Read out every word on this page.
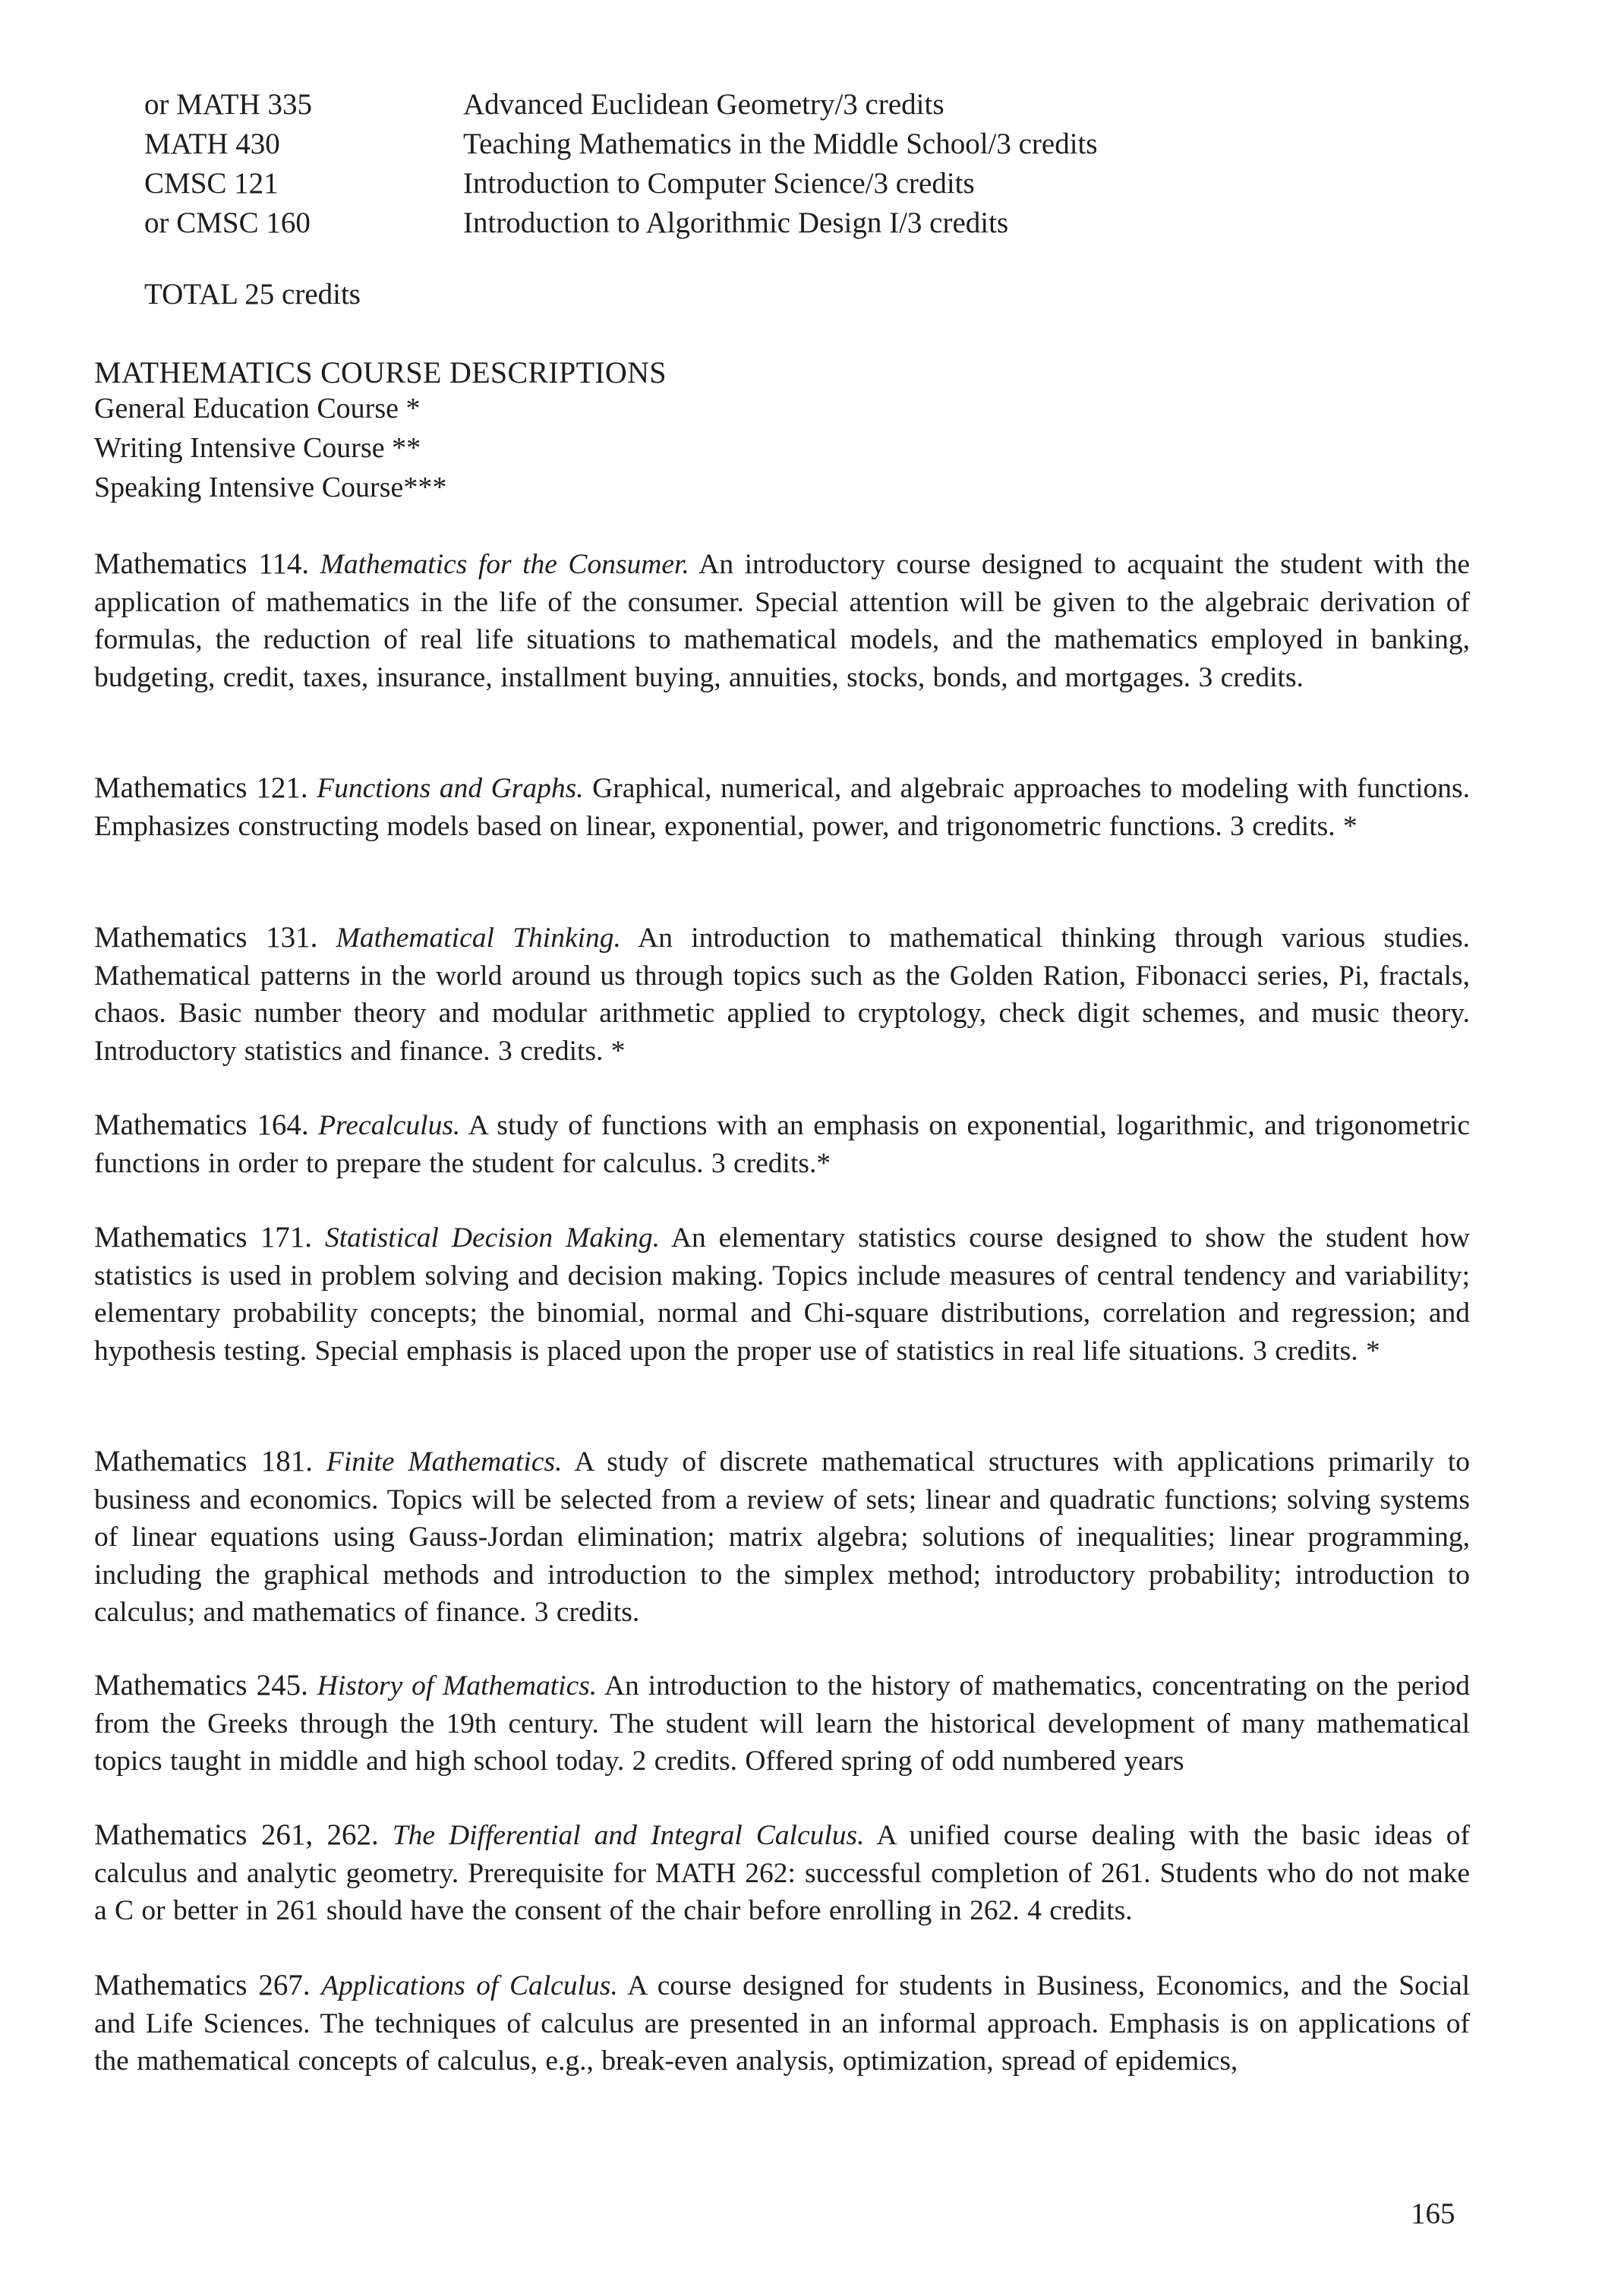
or MATH 335	Advanced Euclidean Geometry/3 credits
MATH 430	Teaching Mathematics in the Middle School/3 credits
CMSC 121	Introduction to Computer Science/3 credits
or CMSC 160	Introduction to Algorithmic Design I/3 credits
TOTAL 25 credits
MATHEMATICS COURSE DESCRIPTIONS
General Education Course *
Writing Intensive Course **
Speaking Intensive Course***
Mathematics 114. Mathematics for the Consumer. An introductory course designed to acquaint the student with the application of mathematics in the life of the consumer. Special attention will be given to the algebraic derivation of formulas, the reduction of real life situations to mathematical models, and the mathematics employed in banking, budgeting, credit, taxes, insurance, installment buying, annuities, stocks, bonds, and mortgages. 3 credits.
Mathematics 121. Functions and Graphs. Graphical, numerical, and algebraic approaches to modeling with functions. Emphasizes constructing models based on linear, exponential, power, and trigonometric functions. 3 credits. *
Mathematics 131. Mathematical Thinking. An introduction to mathematical thinking through various studies. Mathematical patterns in the world around us through topics such as the Golden Ration, Fibonacci series, Pi, fractals, chaos. Basic number theory and modular arithmetic applied to cryptology, check digit schemes, and music theory. Introductory statistics and finance. 3 credits. *
Mathematics 164. Precalculus. A study of functions with an emphasis on exponential, logarithmic, and trigonometric functions in order to prepare the student for calculus. 3 credits.*
Mathematics 171. Statistical Decision Making. An elementary statistics course designed to show the student how statistics is used in problem solving and decision making. Topics include measures of central tendency and variability; elementary probability concepts; the binomial, normal and Chi-square distributions, correlation and regression; and hypothesis testing. Special emphasis is placed upon the proper use of statistics in real life situations. 3 credits. *
Mathematics 181. Finite Mathematics. A study of discrete mathematical structures with applications primarily to business and economics. Topics will be selected from a review of sets; linear and quadratic functions; solving systems of linear equations using Gauss-Jordan elimination; matrix algebra; solutions of inequalities; linear programming, including the graphical methods and introduction to the simplex method; introductory probability; introduction to calculus; and mathematics of finance. 3 credits.
Mathematics 245. History of Mathematics. An introduction to the history of mathematics, concentrating on the period from the Greeks through the 19th century. The student will learn the historical development of many mathematical topics taught in middle and high school today. 2 credits. Offered spring of odd numbered years
Mathematics 261, 262. The Differential and Integral Calculus. A unified course dealing with the basic ideas of calculus and analytic geometry. Prerequisite for MATH 262: successful completion of 261. Students who do not make a C or better in 261 should have the consent of the chair before enrolling in 262. 4 credits.
Mathematics 267. Applications of Calculus. A course designed for students in Business, Economics, and the Social and Life Sciences. The techniques of calculus are presented in an informal approach. Emphasis is on applications of the mathematical concepts of calculus, e.g., break-even analysis, optimization, spread of epidemics,
165
